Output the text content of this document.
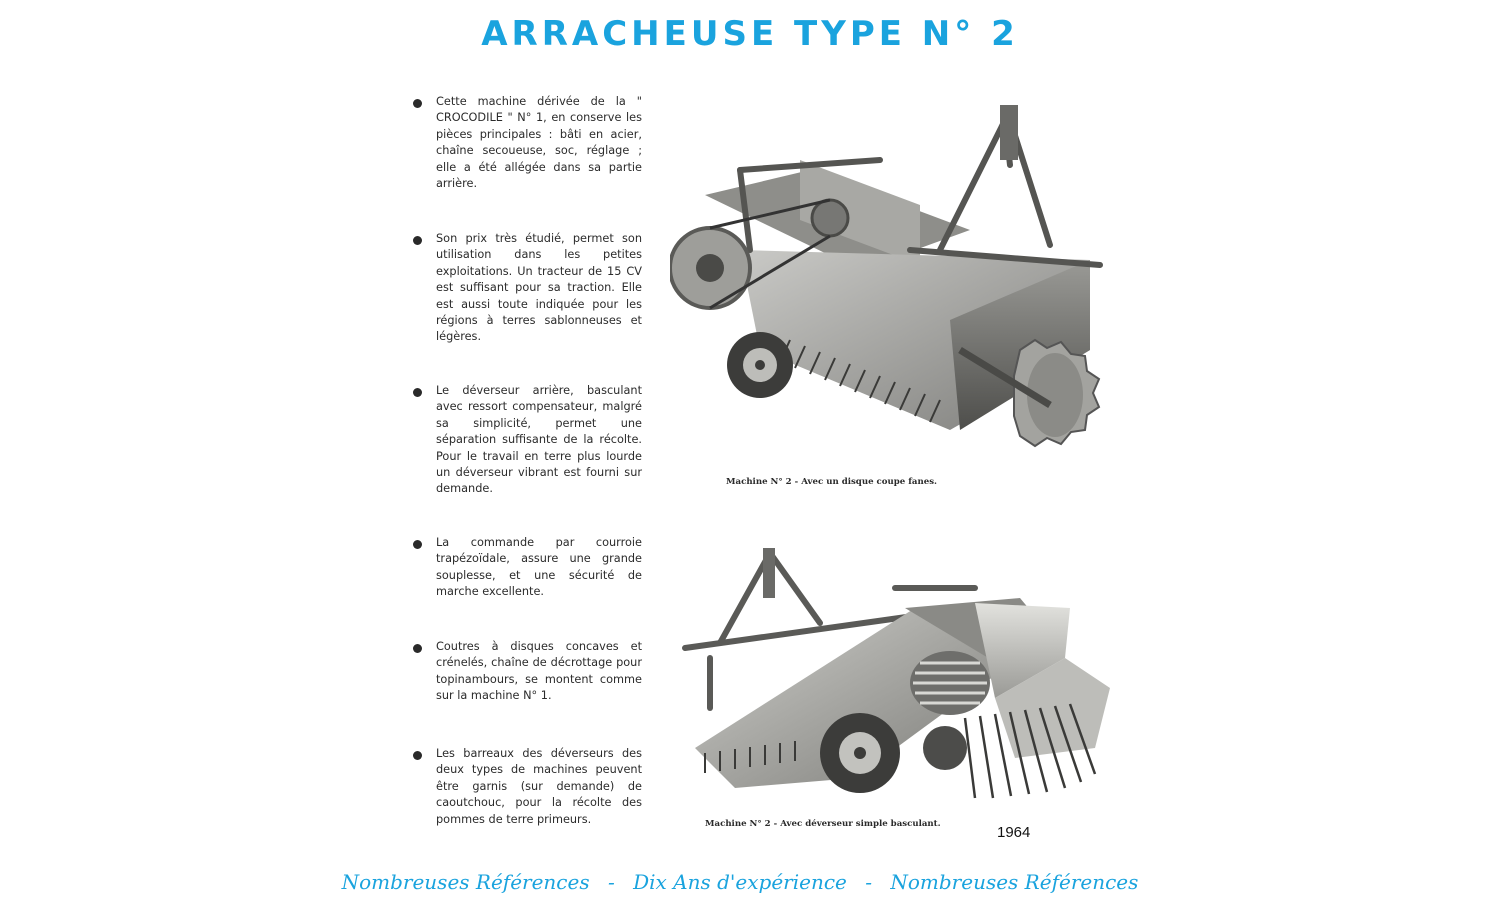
ARRACHEUSE TYPE N° 2
Cette machine dérivée de la " CROCODILE " N° 1, en conserve les pièces principales : bâti en acier, chaîne secoueuse, soc, réglage ; elle a été allégée dans sa partie arrière.
Son prix très étudié, permet son utilisation dans les petites exploitations. Un tracteur de 15 CV est suffisant pour sa traction. Elle est aussi toute indiquée pour les régions à terres sablonneuses et légères.
Le déverseur arrière, basculant avec ressort compensateur, malgré sa simplicité, permet une séparation suffisante de la récolte. Pour le travail en terre plus lourde un déverseur vibrant est fourni sur demande.
La commande par courroie trapézoïdale, assure une grande souplesse, et une sécurité de marche excellente.
Coutres à disques concaves et crénelés, chaîne de décrottage pour topinambours, se montent comme sur la machine N° 1.
Les barreaux des déverseurs des deux types de machines peuvent être garnis (sur demande) de caoutchouc, pour la récolte des pommes de terre primeurs.
Machine N° 2 - Avec un disque coupe fanes.
Machine N° 2 - Avec déverseur simple basculant.	1964
Nombreuses Références - Dix Ans d'expérience - Nombreuses Références
